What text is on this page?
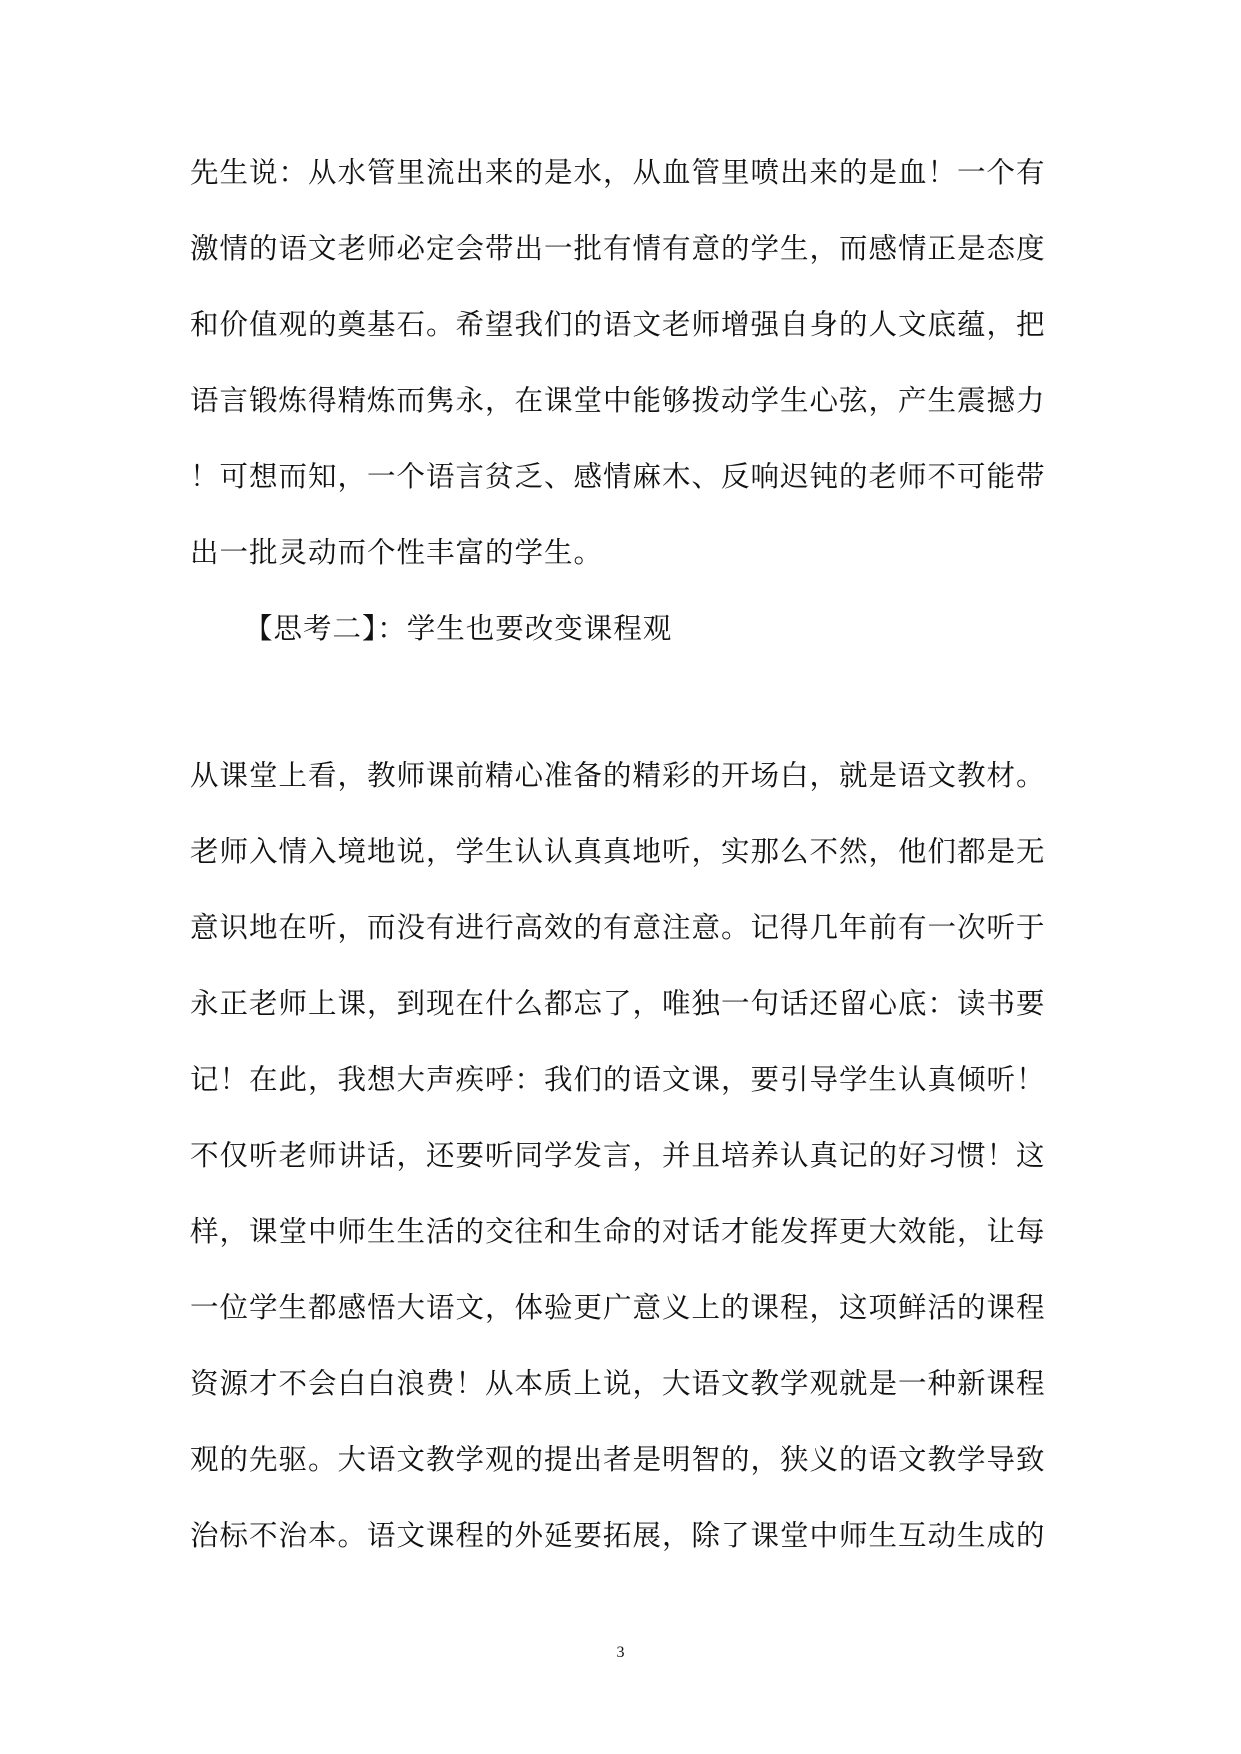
先生说：从水管里流出来的是水，从血管里喷出来的是血！一个有
激情的语文老师必定会带出一批有情有意的学生，而感情正是态度
和价值观的奠基石。希望我们的语文老师增强自身的人文底蕴，把
语言锻炼得精炼而隽永，在课堂中能够拨动学生心弦，产生震撼力
！可想而知，一个语言贫乏、感情麻木、反响迟钝的老师不可能带
出一批灵动而个性丰富的学生。
【思考二】：学生也要改变课程观
从课堂上看，教师课前精心准备的精彩的开场白，就是语文教材。
老师入情入境地说，学生认认真真地听，实那么不然，他们都是无
意识地在听，而没有进行高效的有意注意。记得几年前有一次听于
永正老师上课，到现在什么都忘了，唯独一句话还留心底：读书要
记！在此，我想大声疾呼：我们的语文课，要引导学生认真倾听！
不仅听老师讲话，还要听同学发言，并且培养认真记的好习惯！这
样，课堂中师生生活的交往和生命的对话才能发挥更大效能，让每
一位学生都感悟大语文，体验更广意义上的课程，这项鲜活的课程
资源才不会白白浪费！从本质上说，大语文教学观就是一种新课程
观的先驱。大语文教学观的提出者是明智的，狭义的语文教学导致
治标不治本。语文课程的外延要拓展，除了课堂中师生互动生成的
3
